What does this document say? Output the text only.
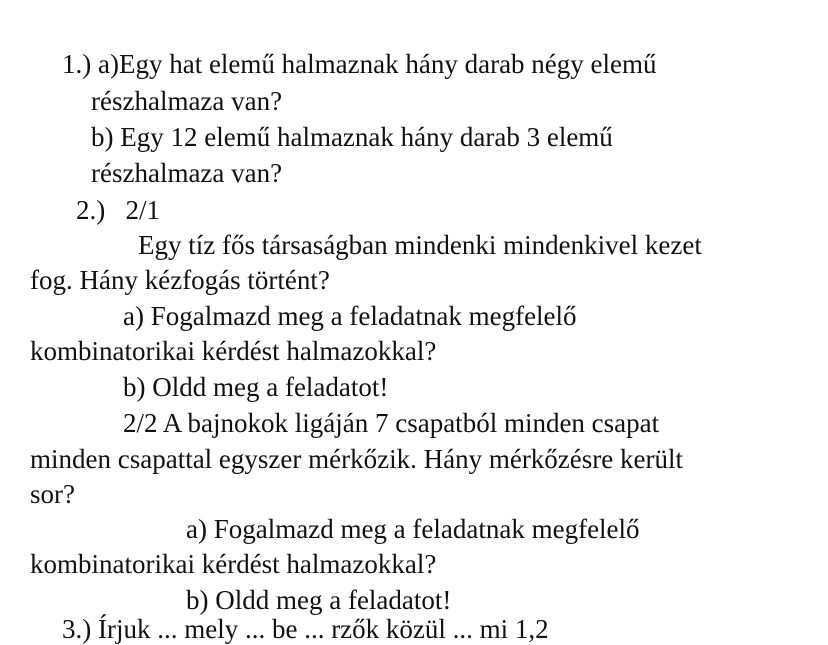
1.) a)Egy hat elemű halmaznak hány darab négy elemű
részhalmaza van?
b) Egy 12 elemű halmaznak hány darab 3 elemű
részhalmaza van?
2.)   2/1
Egy tíz fős társaságban mindenki mindenkivel kezet
fog. Hány kézfogás történt?
a) Fogalmazd meg a feladatnak megfelelő
kombinatorikai kérdést halmazokkal?
b) Oldd meg a feladatot!
2/2 A bajnokok ligáján 7 csapatból minden csapat
minden csapattal egyszer mérkőzik. Hány mérkőzésre került
sor?
a) Fogalmazd meg a feladatnak megfelelő
kombinatorikai kérdést halmazokkal?
b) Oldd meg a feladatot!
3.) Írjuk ... mely ... be ... rzők közül ... mi 1,2
